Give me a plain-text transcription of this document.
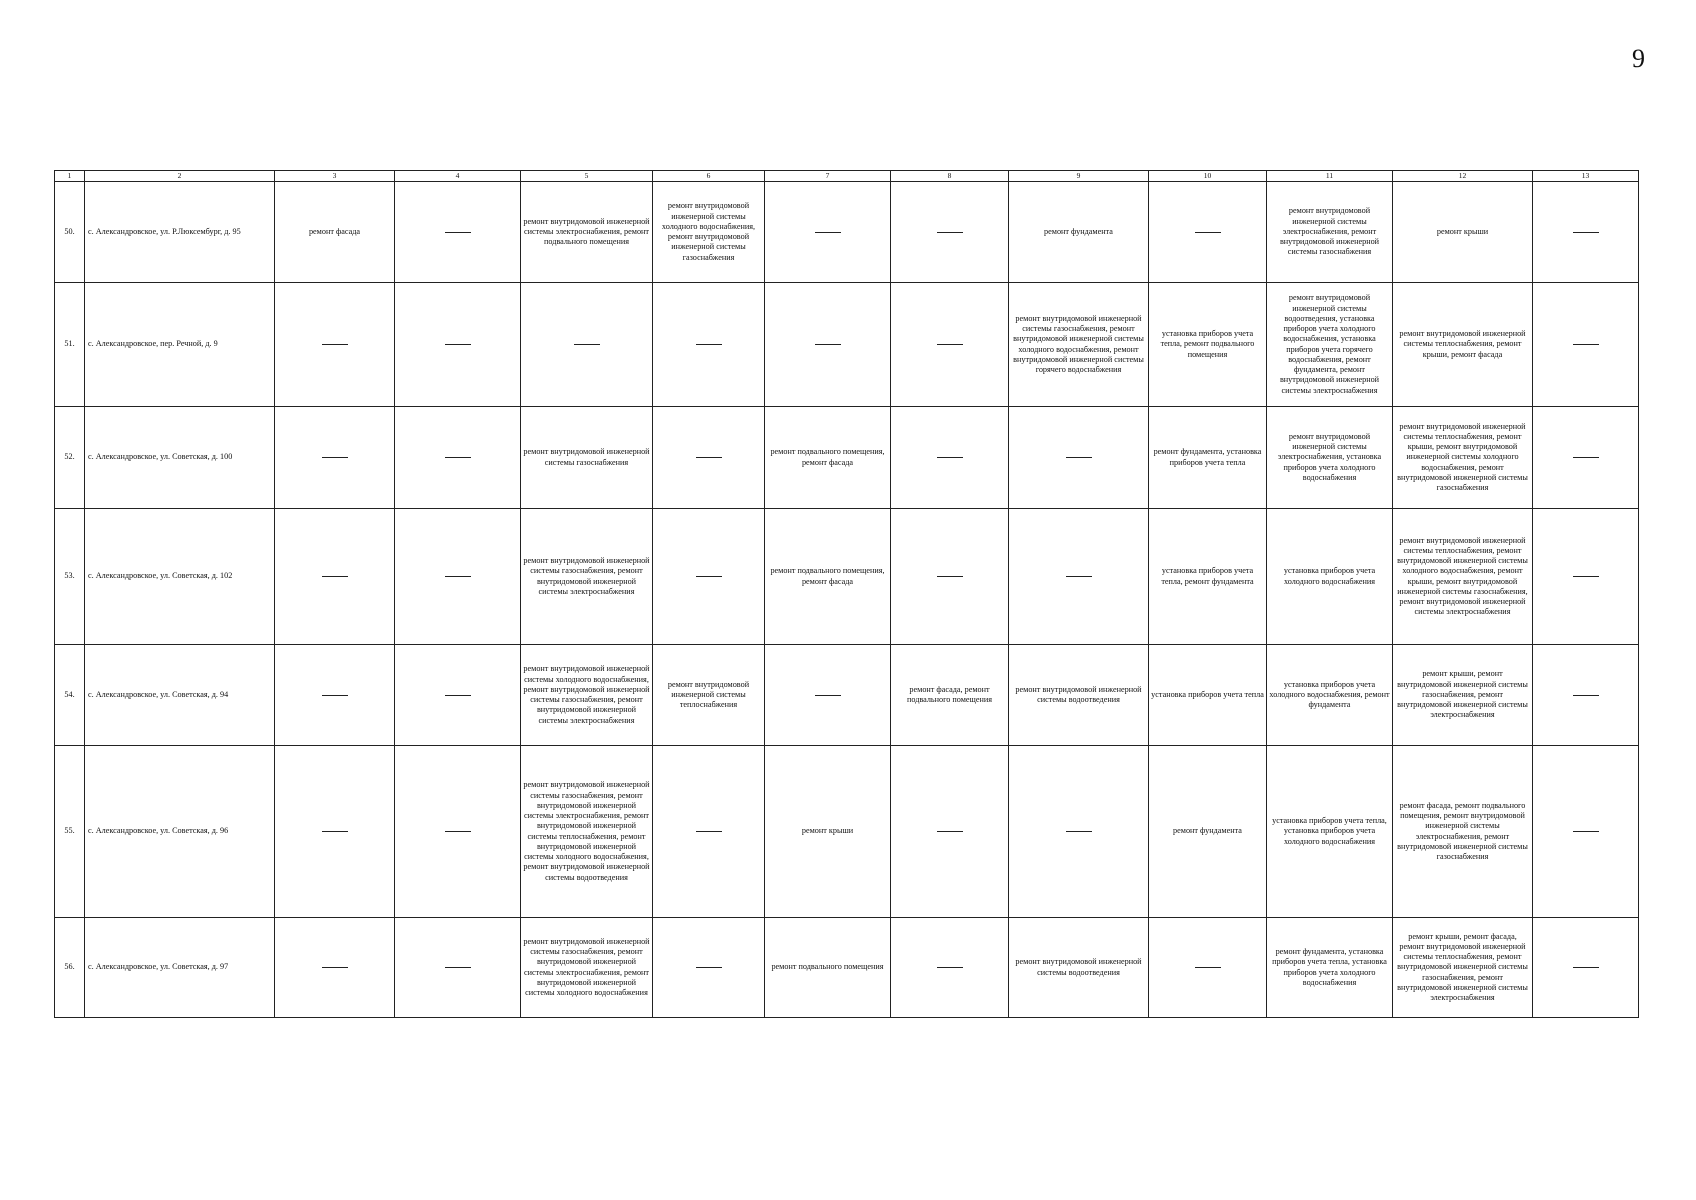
9
1	2	3	4	5	6	7	8	9	10	11	12	13
50.	с. Александровское, ул. Р.Люксембург, д. 95	ремонт фасада		ремонт внутридомовой инженерной системы электроснабжения, ремонт подвального помещения	ремонт внутридомовой инженерной системы холодного водоснабжения, ремонт внутридомовой инженерной системы газоснабжения			ремонт фундамента		ремонт внутридомовой инженерной системы электроснабжения, ремонт внутридомовой инженерной системы газоснабжения	ремонт крыши	
51.	с. Александровское, пер. Речной, д. 9							ремонт внутридомовой инженерной системы газоснабжения, ремонт внутридомовой инженерной системы холодного водоснабжения, ремонт внутридомовой инженерной системы горячего водоснабжения	установка приборов учета тепла, ремонт подвального помещения	ремонт внутридомовой инженерной системы водоотведения, установка приборов учета холодного водоснабжения, установка приборов учета горячего водоснабжения, ремонт фундамента, ремонт внутридомовой инженерной системы электроснабжения	ремонт внутридомовой инженерной системы теплоснабжения, ремонт крыши, ремонт фасада	
52.	с. Александровское, ул. Советская, д. 100			ремонт внутридомовой инженерной системы газоснабжения		ремонт подвального помещения, ремонт фасада			ремонт фундамента, установка приборов учета тепла	ремонт внутридомовой инженерной системы электроснабжения, установка приборов учета холодного водоснабжения	ремонт внутридомовой инженерной системы теплоснабжения, ремонт крыши, ремонт внутридомовой инженерной системы холодного водоснабжения, ремонт внутридомовой инженерной системы газоснабжения	
53.	с. Александровское, ул. Советская, д. 102			ремонт внутридомовой инженерной системы газоснабжения, ремонт внутридомовой инженерной системы электроснабжения		ремонт подвального помещения, ремонт фасада			установка приборов учета тепла, ремонт фундамента	установка приборов учета холодного водоснабжения	ремонт внутридомовой инженерной системы теплоснабжения, ремонт внутридомовой инженерной системы холодного водоснабжения, ремонт крыши, ремонт внутридомовой инженерной системы газоснабжения, ремонт внутридомовой инженерной системы электроснабжения	
54.	с. Александровское, ул. Советская, д. 94			ремонт внутридомовой инженерной системы холодного водоснабжения, ремонт внутридомовой инженерной системы газоснабжения, ремонт внутридомовой инженерной системы электроснабжения	ремонт внутридомовой инженерной системы теплоснабжения		ремонт фасада, ремонт подвального помещения	ремонт внутридомовой инженерной системы водоотведения	установка приборов учета тепла	установка приборов учета холодного водоснабжения, ремонт фундамента	ремонт крыши, ремонт внутридомовой инженерной системы газоснабжения, ремонт внутридомовой инженерной системы электроснабжения	
55.	с. Александровское, ул. Советская, д. 96			ремонт внутридомовой инженерной системы газоснабжения, ремонт внутридомовой инженерной системы электроснабжения, ремонт внутридомовой инженерной системы теплоснабжения, ремонт внутридомовой инженерной системы холодного водоснабжения, ремонт внутридомовой инженерной системы водоотведения		ремонт крыши			ремонт фундамента	установка приборов учета тепла, установка приборов учета холодного водоснабжения	ремонт фасада, ремонт подвального помещения, ремонт внутридомовой инженерной системы электроснабжения, ремонт внутридомовой инженерной системы газоснабжения	
56.	с. Александровское, ул. Советская, д. 97			ремонт внутридомовой инженерной системы газоснабжения, ремонт внутридомовой инженерной системы электроснабжения, ремонт внутридомовой инженерной системы холодного водоснабжения		ремонт подвального помещения		ремонт внутридомовой инженерной системы водоотведения		ремонт фундамента, установка приборов учета тепла, установка приборов учета холодного водоснабжения	ремонт крыши, ремонт фасада, ремонт внутридомовой инженерной системы теплоснабжения, ремонт внутридомовой инженерной системы газоснабжения, ремонт внутридомовой инженерной системы электроснабжения	
